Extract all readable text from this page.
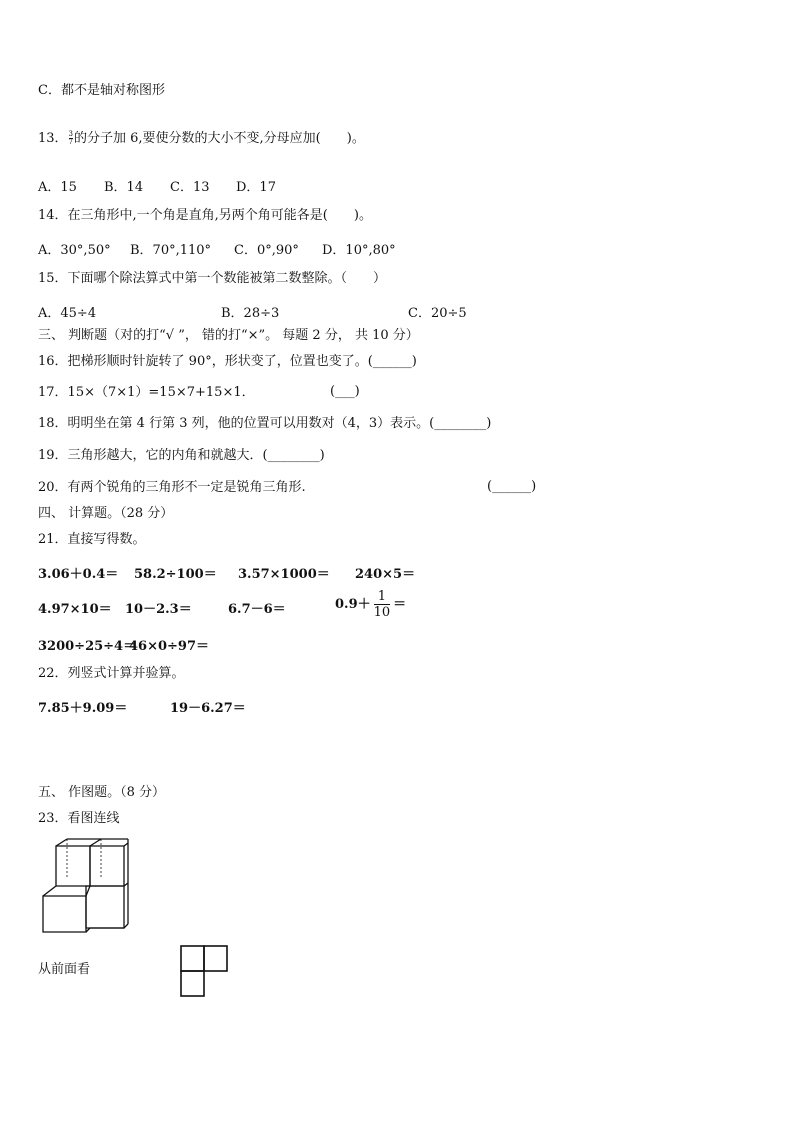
C．都不是轴对称图形
13．$\frac{3}{7}$ 的分子加 6,要使分数的大小不变,分母应加(　　)。
A．15 B．14 C．13 D．17
14．在三角形中,一个角是直角,另两个角可能各是(　　)。
A．30°,50° B．70°,110° C．0°,90° D．10°,80°
15．下面哪个除法算式中第一个数能被第二数整除。（　　）
A．45÷4	B．28÷3	C．20÷5
三、 判断题（对的打“√ ”， 错的打“×”。 每题 2 分， 共 10 分）
16．把梯形顺时针旋转了 90°，形状变了，位置也变了。(______)
17．15×（7×1）=15×7+15×1．	(___)
18．明明坐在第 4 行第 3 列，他的位置可以用数对（4，3）表示。(________)
19．三角形越大，它的内角和就越大．(________)
20．有两个锐角的三角形不一定是锐角三角形.	(______)
四、 计算题。（28 分）
21．直接写得数。
3.06＋0.4＝ 58.2÷100＝ 3.57×1000＝ 240×5＝
4.97×10＝ 10－2.3＝	6.7－6＝	$0.9+ \frac{1}{10}$ ＝
3200÷25÷4＝
46×0÷97＝
22．列竖式计算并验算。
7.85＋9.09＝	19－6.27＝
五、 作图题。（8 分）
23．看图连线
从前面看
